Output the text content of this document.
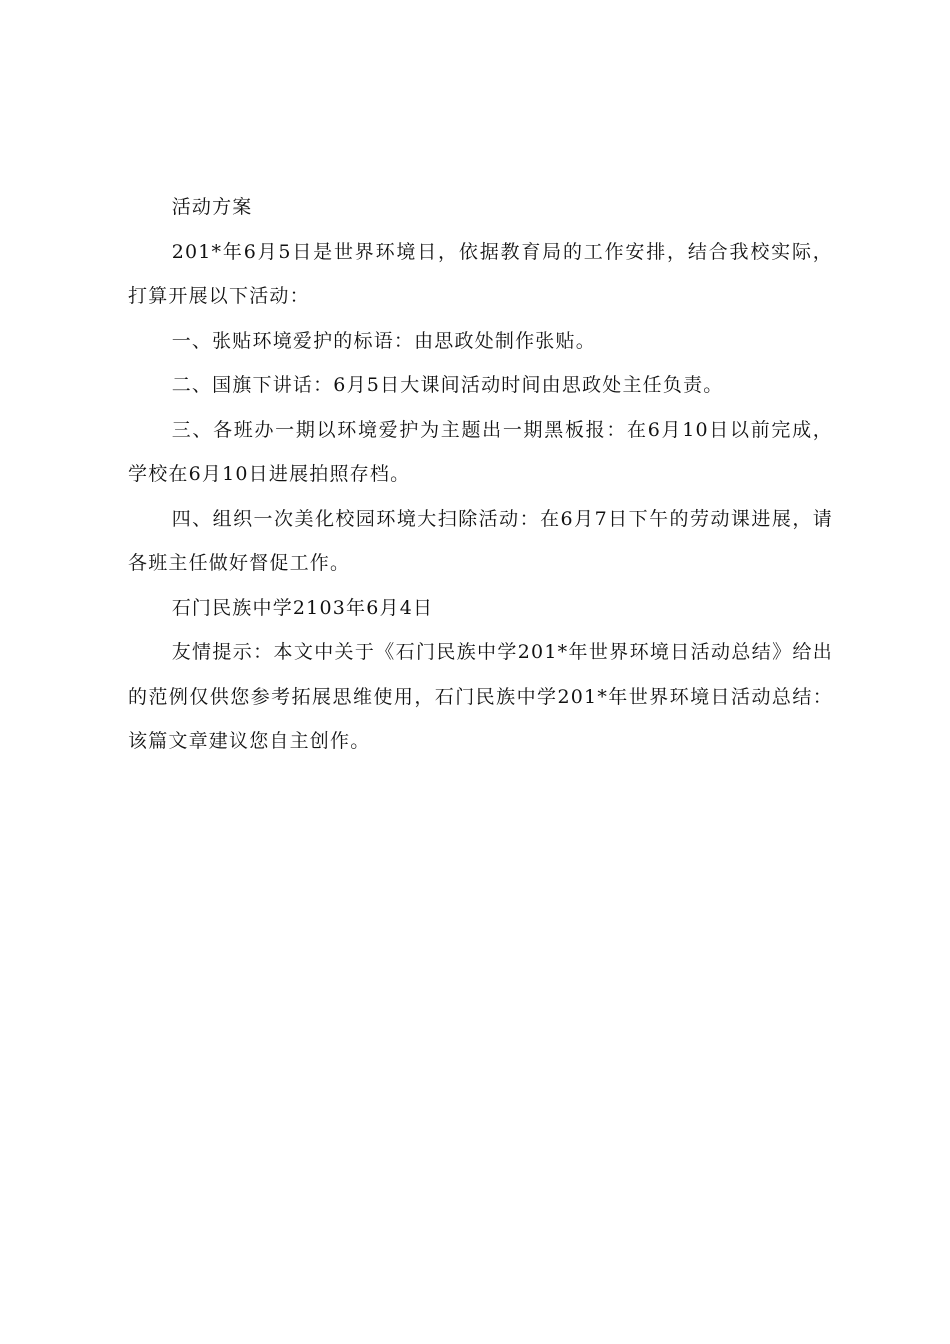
活动方案

201*年6月5日是世界环境日，依据教育局的工作安排，结合我校实际，打算开展以下活动：

一、张贴环境爱护的标语：由思政处制作张贴。

二、国旗下讲话：6月5日大课间活动时间由思政处主任负责。

三、各班办一期以环境爱护为主题出一期黑板报：在6月10日以前完成，学校在6月10日进展拍照存档。

四、组织一次美化校园环境大扫除活动：在6月7日下午的劳动课进展，请各班主任做好督促工作。

石门民族中学2103年6月4日

友情提示：本文中关于《石门民族中学201*年世界环境日活动总结》给出的范例仅供您参考拓展思维使用，石门民族中学201*年世界环境日活动总结：该篇文章建议您自主创作。
